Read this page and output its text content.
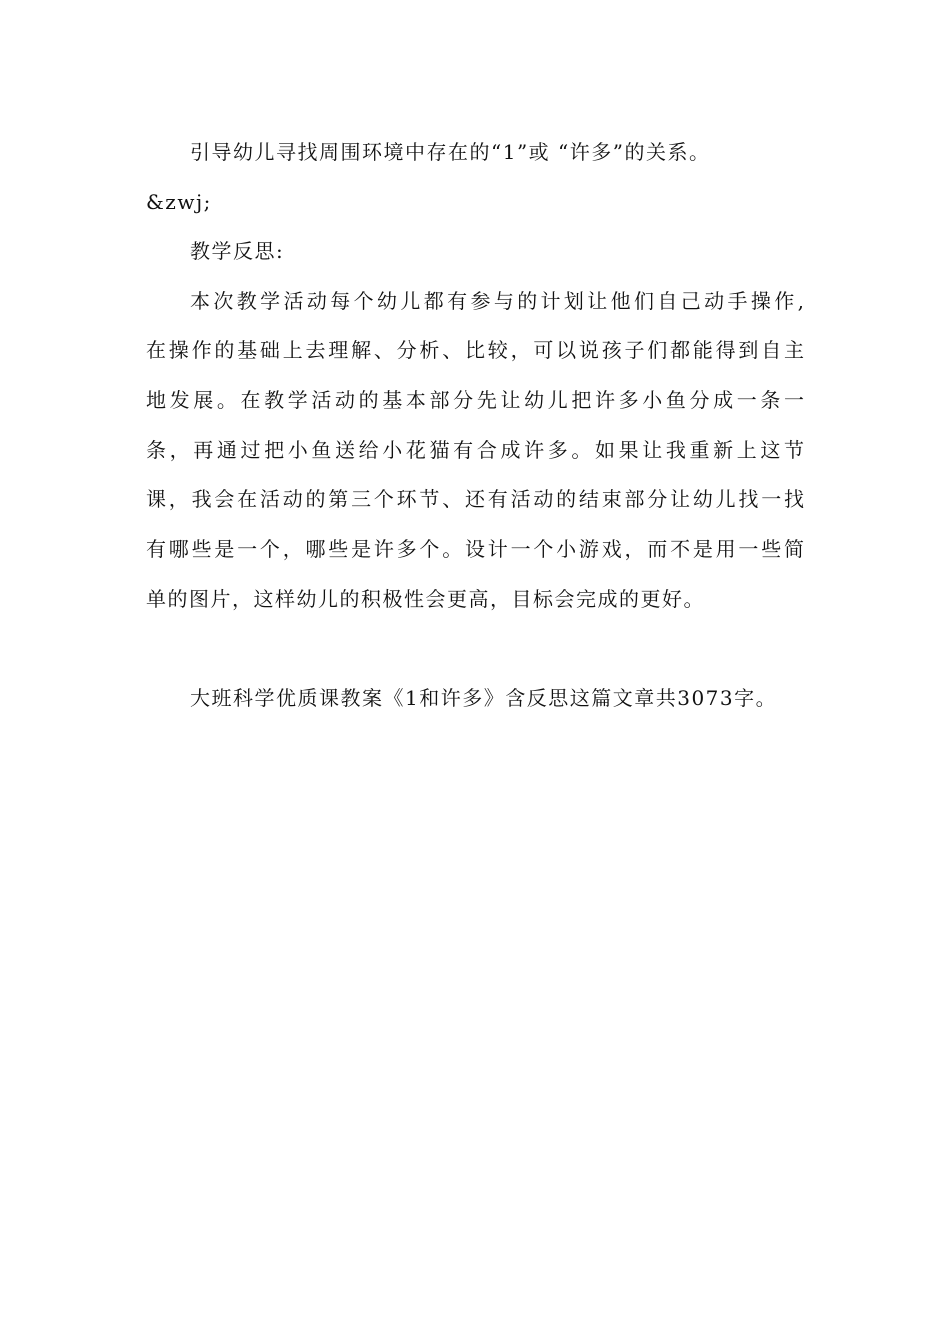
引导幼儿寻找周围环境中存在的“1”或 “许多”的关系。
&zwj;
教学反思:
本次教学活动每个幼儿都有参与的计划让他们自己动手操作,
在操作的基础上去理解、分析、比较，可以说孩子们都能得到自主
地发展。在教学活动的基本部分先让幼儿把许多小鱼分成一条一
条，再通过把小鱼送给小花猫有合成许多。如果让我重新上这节
课，我会在活动的第三个环节、还有活动的结束部分让幼儿找一找
有哪些是一个，哪些是许多个。设计一个小游戏，而不是用一些简
单的图片，这样幼儿的积极性会更高，目标会完成的更好。
大班科学优质课教案《1和许多》含反思这篇文章共3073字。
